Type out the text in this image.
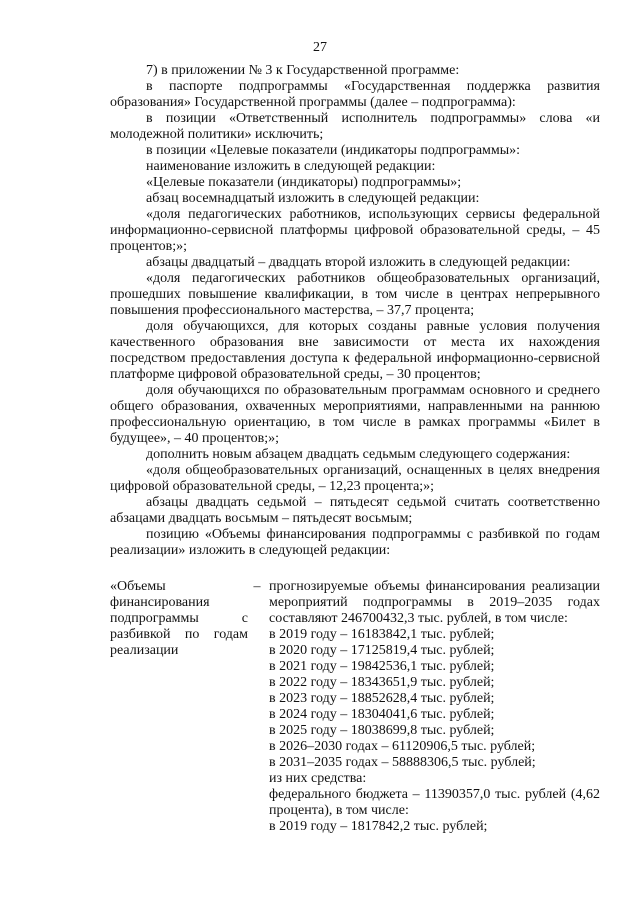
27

7) в приложении № 3 к Государственной программе:

в паспорте подпрограммы «Государственная поддержка развития образования» Государственной программы (далее – подпрограмма):

в позиции «Ответственный исполнитель подпрограммы» слова «и молодежной политики» исключить;

в позиции «Целевые показатели (индикаторы подпрограммы»:

наименование изложить в следующей редакции:

«Целевые показатели (индикаторы) подпрограммы»;

абзац восемнадцатый изложить в следующей редакции:

«доля педагогических работников, использующих сервисы федеральной информационно-сервисной платформы цифровой образовательной среды, – 45 процентов;»;

абзацы двадцатый – двадцать второй изложить в следующей редакции:

«доля педагогических работников общеобразовательных организаций, прошедших повышение квалификации, в том числе в центрах непрерывного повышения профессионального мастерства, – 37,7 процента;

доля обучающихся, для которых созданы равные условия получения качественного образования вне зависимости от места их нахождения посредством предоставления доступа к федеральной информационно-сервисной платформе цифровой образовательной среды, – 30 процентов;

доля обучающихся по образовательным программам основного и среднего общего образования, охваченных мероприятиями, направленными на раннюю профессиональную ориентацию, в том числе в рамках программы «Билет в будущее», – 40 процентов;»;

дополнить новым абзацем двадцать седьмым следующего содержания:

«доля общеобразовательных организаций, оснащенных в целях внедрения цифровой образовательной среды, – 12,23 процента;»;

абзацы двадцать седьмой – пятьдесят седьмой считать соответственно абзацами двадцать восьмым – пятьдесят восьмым;

позицию «Объемы финансирования подпрограммы с разбивкой по годам реализации» изложить в следующей редакции:

«Объемы финансирования подпрограммы с разбивкой по годам реализации
– прогнозируемые объемы финансирования реализации мероприятий подпрограммы в 2019–2035 годах составляют 246700432,3 тыс. рублей, в том числе:

в 2019 году – 16183842,1 тыс. рублей;

в 2020 году – 17125819,4 тыс. рублей;

в 2021 году – 19842536,1 тыс. рублей;

в 2022 году – 18343651,9 тыс. рублей;

в 2023 году – 18852628,4 тыс. рублей;

в 2024 году – 18304041,6 тыс. рублей;

в 2025 году – 18038699,8 тыс. рублей;

в 2026–2030 годах – 61120906,5 тыс. рублей;

в 2031–2035 годах – 58888306,5 тыс. рублей;

из них средства:

федерального бюджета – 11390357,0 тыс. рублей (4,62 процента), в том числе:

в 2019 году – 1817842,2 тыс. рублей;
